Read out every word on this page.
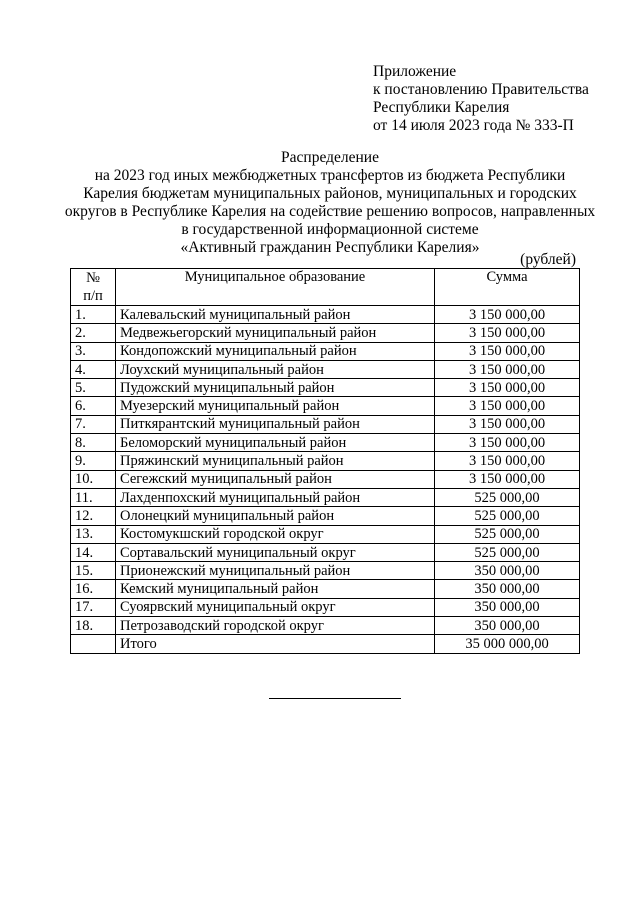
Приложение
к постановлению Правительства
Республики Карелия
от 14 июля 2023 года № 333-П
Распределение
на 2023 год иных межбюджетных трансфертов из бюджета Республики
Карелия бюджетам муниципальных районов, муниципальных и городских
округов в Республике Карелия на содействие решению вопросов, направленных
в государственной информационной системе
«Активный гражданин Республики Карелия»
(рублей)
№	Муниципальное образование	Сумма
п/п		
1.	Калевальский муниципальный район	3 150 000,00
2.	Медвежьегорский муниципальный район	3 150 000,00
3.	Кондопожский муниципальный район	3 150 000,00
4.	Лоухский муниципальный район	3 150 000,00
5.	Пудожский муниципальный район	3 150 000,00
6.	Муезерский муниципальный район	3 150 000,00
7.	Питкярантский муниципальный район	3 150 000,00
8.	Беломорский муниципальный район	3 150 000,00
9.	Пряжинский муниципальный район	3 150 000,00
10.	Сегежский муниципальный район	3 150 000,00
11.	Лахденпохский муниципальный район	525 000,00
12.	Олонецкий муниципальный район	525 000,00
13.	Костомукшский городской округ	525 000,00
14.	Сортавальский муниципальный округ	525 000,00
15.	Прионежский муниципальный район	350 000,00
16.	Кемский муниципальный район	350 000,00
17.	Суоярвский муниципальный округ	350 000,00
18.	Петрозаводский городской округ	350 000,00
	Итого	35 000 000,00
